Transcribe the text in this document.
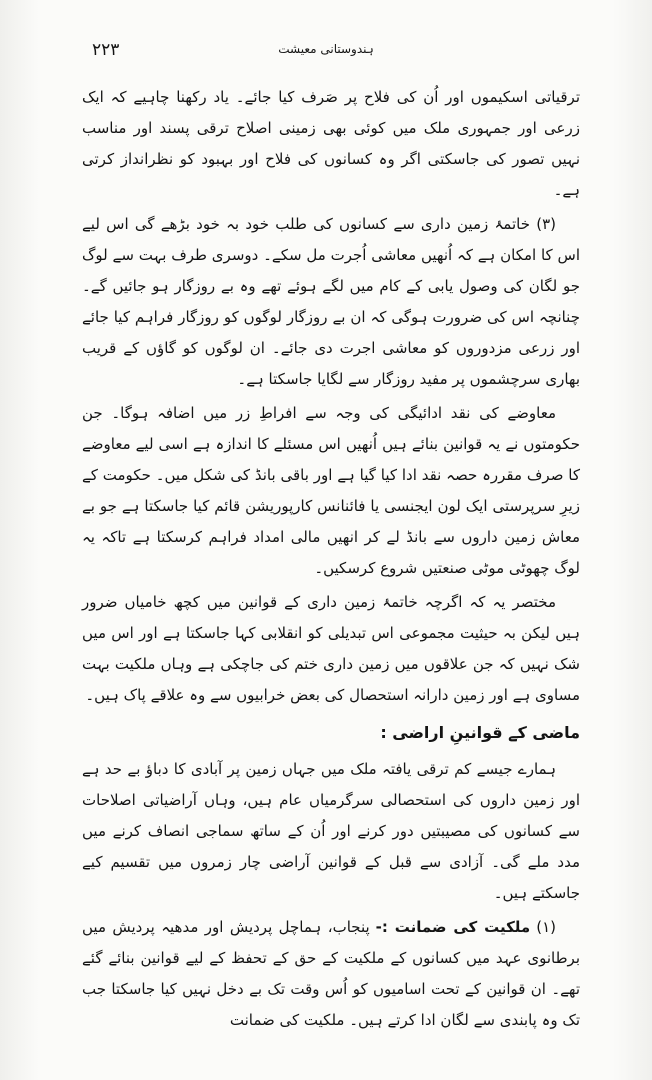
۲۲۳	ہندوستانی معیشت

ترقیاتی اسکیموں اور اُن کی فلاح پر صَرف کیا جائے۔ یاد رکھنا چاہیے کہ ایک زرعی اور جمہوری ملک میں کوئی بھی زمینی اصلاح ترقی پسند اور مناسب نہیں تصور کی جاسکتی اگر وہ کسانوں کی فلاح اور بہبود کو نظرانداز کرتی ہے۔

(۳) خاتمۂ زمین داری سے کسانوں کی طلب خود بہ خود بڑھے گی اس لیے اس کا امکان ہے کہ اُنھیں معاشی اُجرت مل سکے۔ دوسری طرف بہت سے لوگ جو لگان کی وصول یابی کے کام میں لگے ہوئے تھے وہ بے روزگار ہو جائیں گے۔ چنانچہ اس کی ضرورت ہوگی کہ ان بے روزگار لوگوں کو روزگار فراہم کیا جائے اور زرعی مزدوروں کو معاشی اجرت دی جائے۔ ان لوگوں کو گاؤں کے قریب بھاری سرچشموں پر مفید روزگار سے لگایا جاسکتا ہے۔

معاوضے کی نقد ادائیگی کی وجہ سے افراطِ زر میں اضافہ ہوگا۔ جن حکومتوں نے یہ قوانین بنائے ہیں اُنھیں اس مسئلے کا اندازہ ہے اسی لیے معاوضے کا صرف مقررہ حصہ نقد ادا کیا گیا ہے اور باقی بانڈ کی شکل میں۔ حکومت کے زیرِ سرپرستی ایک لون ایجنسی یا فائنانس کارپوریشن قائم کیا جاسکتا ہے جو بے معاش زمین داروں سے بانڈ لے کر انھیں مالی امداد فراہم کرسکتا ہے تاکہ یہ لوگ چھوٹی موٹی صنعتیں شروع کرسکیں۔

مختصر یہ کہ اگرچہ خاتمۂ زمین داری کے قوانین میں کچھ خامیاں ضرور ہیں لیکن بہ حیثیت مجموعی اس تبدیلی کو انقلابی کہا جاسکتا ہے اور اس میں شک نہیں کہ جن علاقوں میں زمین داری ختم کی جاچکی ہے وہاں ملکیت بہت مساوی ہے اور زمین دارانہ استحصال کی بعض خرابیوں سے وہ علاقے پاک ہیں۔

ماضی کے قوانینِ اراضی :

ہمارے جیسے کم ترقی یافتہ ملک میں جہاں زمین پر آبادی کا دباؤ بے حد ہے اور زمین داروں کی استحصالی سرگرمیاں عام ہیں، وہاں آراضیاتی اصلاحات سے کسانوں کی مصیبتیں دور کرنے اور اُن کے ساتھ سماجی انصاف کرنے میں مدد ملے گی۔ آزادی سے قبل کے قوانین آراضی چار زمروں میں تقسیم کیے جاسکتے ہیں۔

(۱)ملکیت کی ضمانت :-پنجاب، ہماچل پردیش اور مدھیہ پردیش میں برطانوی عہد میں کسانوں کے ملکیت کے حق کے تحفظ کے لیے قوانین بنائے گئے تھے۔ ان قوانین کے تحت اسامیوں کو اُس وقت تک بے دخل نہیں کیا جاسکتا جب تک وہ پابندی سے لگان ادا کرتے ہیں۔ ملکیت کی ضمانت
